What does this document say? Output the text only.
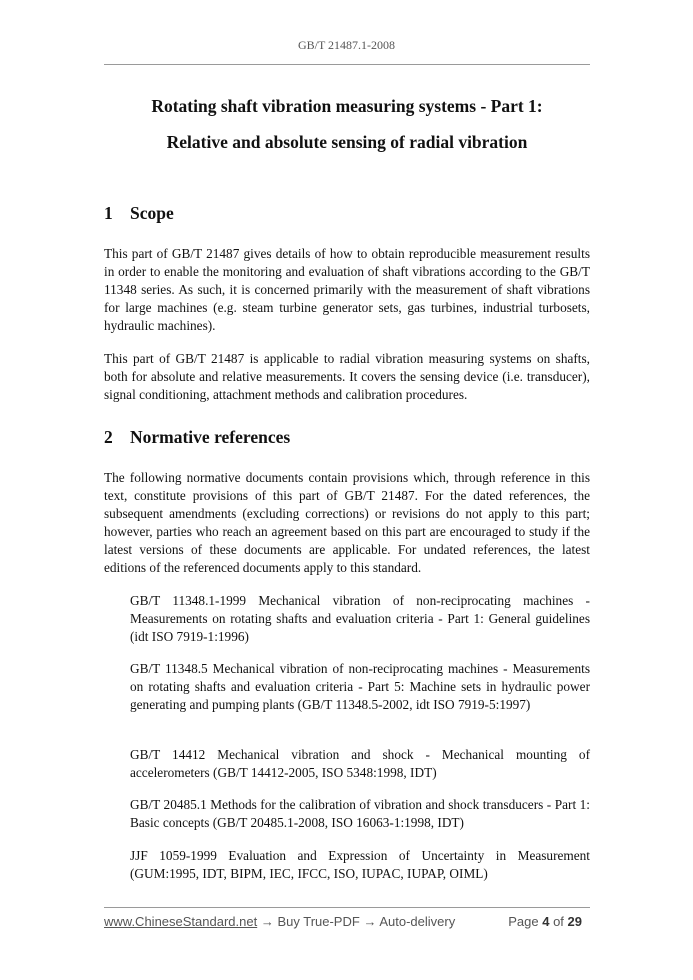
GB/T 21487.1-2008
Rotating shaft vibration measuring systems - Part 1:
Relative and absolute sensing of radial vibration
1 Scope

This part of GB/T 21487 gives details of how to obtain reproducible measurement results in order to enable the monitoring and evaluation of shaft vibrations according to the GB/T 11348 series. As such, it is concerned primarily with the measurement of shaft vibrations for large machines (e.g. steam turbine generator sets, gas turbines, industrial turbosets, hydraulic machines).

This part of GB/T 21487 is applicable to radial vibration measuring systems on shafts, both for absolute and relative measurements. It covers the sensing device (i.e. transducer), signal conditioning, attachment methods and calibration procedures.

2 Normative references

The following normative documents contain provisions which, through reference in this text, constitute provisions of this part of GB/T 21487. For the dated references, the subsequent amendments (excluding corrections) or revisions do not apply to this part; however, parties who reach an agreement based on this part are encouraged to study if the latest versions of these documents are applicable. For undated references, the latest editions of the referenced documents apply to this standard.

GB/T 11348.1-1999 Mechanical vibration of non-reciprocating machines - Measurements on rotating shafts and evaluation criteria - Part 1: General guidelines (idt ISO 7919-1:1996)

GB/T 11348.5 Mechanical vibration of non-reciprocating machines - Measurements on rotating shafts and evaluation criteria - Part 5: Machine sets in hydraulic power generating and pumping plants (GB/T 11348.5-2002, idt ISO 7919-5:1997)

GB/T 14412 Mechanical vibration and shock - Mechanical mounting of accelerometers (GB/T 14412-2005, ISO 5348:1998, IDT)

GB/T 20485.1 Methods for the calibration of vibration and shock transducers - Part 1: Basic concepts (GB/T 20485.1-2008, ISO 16063-1:1998, IDT)

JJF 1059-1999 Evaluation and Expression of Uncertainty in Measurement (GUM:1995, IDT, BIPM, IEC, IFCC, ISO, IUPAC, IUPAP, OIML)

www.ChineseStandard.net → Buy True-PDF → Auto-delivery	Page 4 of 29
